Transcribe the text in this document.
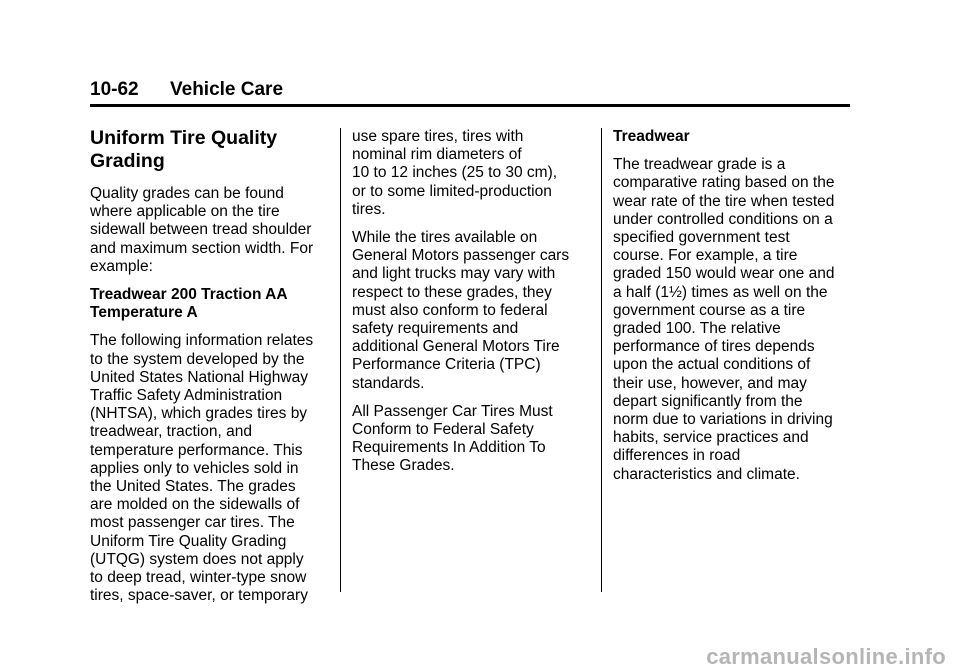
10-62 Vehicle Care
Uniform Tire Quality
Grading

Quality grades can be found
where applicable on the tire
sidewall between tread shoulder
and maximum section width. For
example:

Treadwear 200 Traction AA
Temperature A

The following information relates
to the system developed by the
United States National Highway
Traffic Safety Administration
(NHTSA), which grades tires by
treadwear, traction, and
temperature performance. This
applies only to vehicles sold in
the United States. The grades
are molded on the sidewalls of
most passenger car tires. The
Uniform Tire Quality Grading
(UTQG) system does not apply
to deep tread, winter-type snow
tires, space-saver, or temporary

use spare tires, tires with
nominal rim diameters of
10 to 12 inches (25 to 30 cm),
or to some limited-production
tires.

While the tires available on
General Motors passenger cars
and light trucks may vary with
respect to these grades, they
must also conform to federal
safety requirements and
additional General Motors Tire
Performance Criteria (TPC)
standards.

All Passenger Car Tires Must
Conform to Federal Safety
Requirements In Addition To
These Grades.

Treadwear

The treadwear grade is a
comparative rating based on the
wear rate of the tire when tested
under controlled conditions on a
specified government test
course. For example, a tire
graded 150 would wear one and
a half (1½) times as well on the
government course as a tire
graded 100. The relative
performance of tires depends
upon the actual conditions of
their use, however, and may
depart significantly from the
norm due to variations in driving
habits, service practices and
differences in road
characteristics and climate.

carmanualsonline.info
